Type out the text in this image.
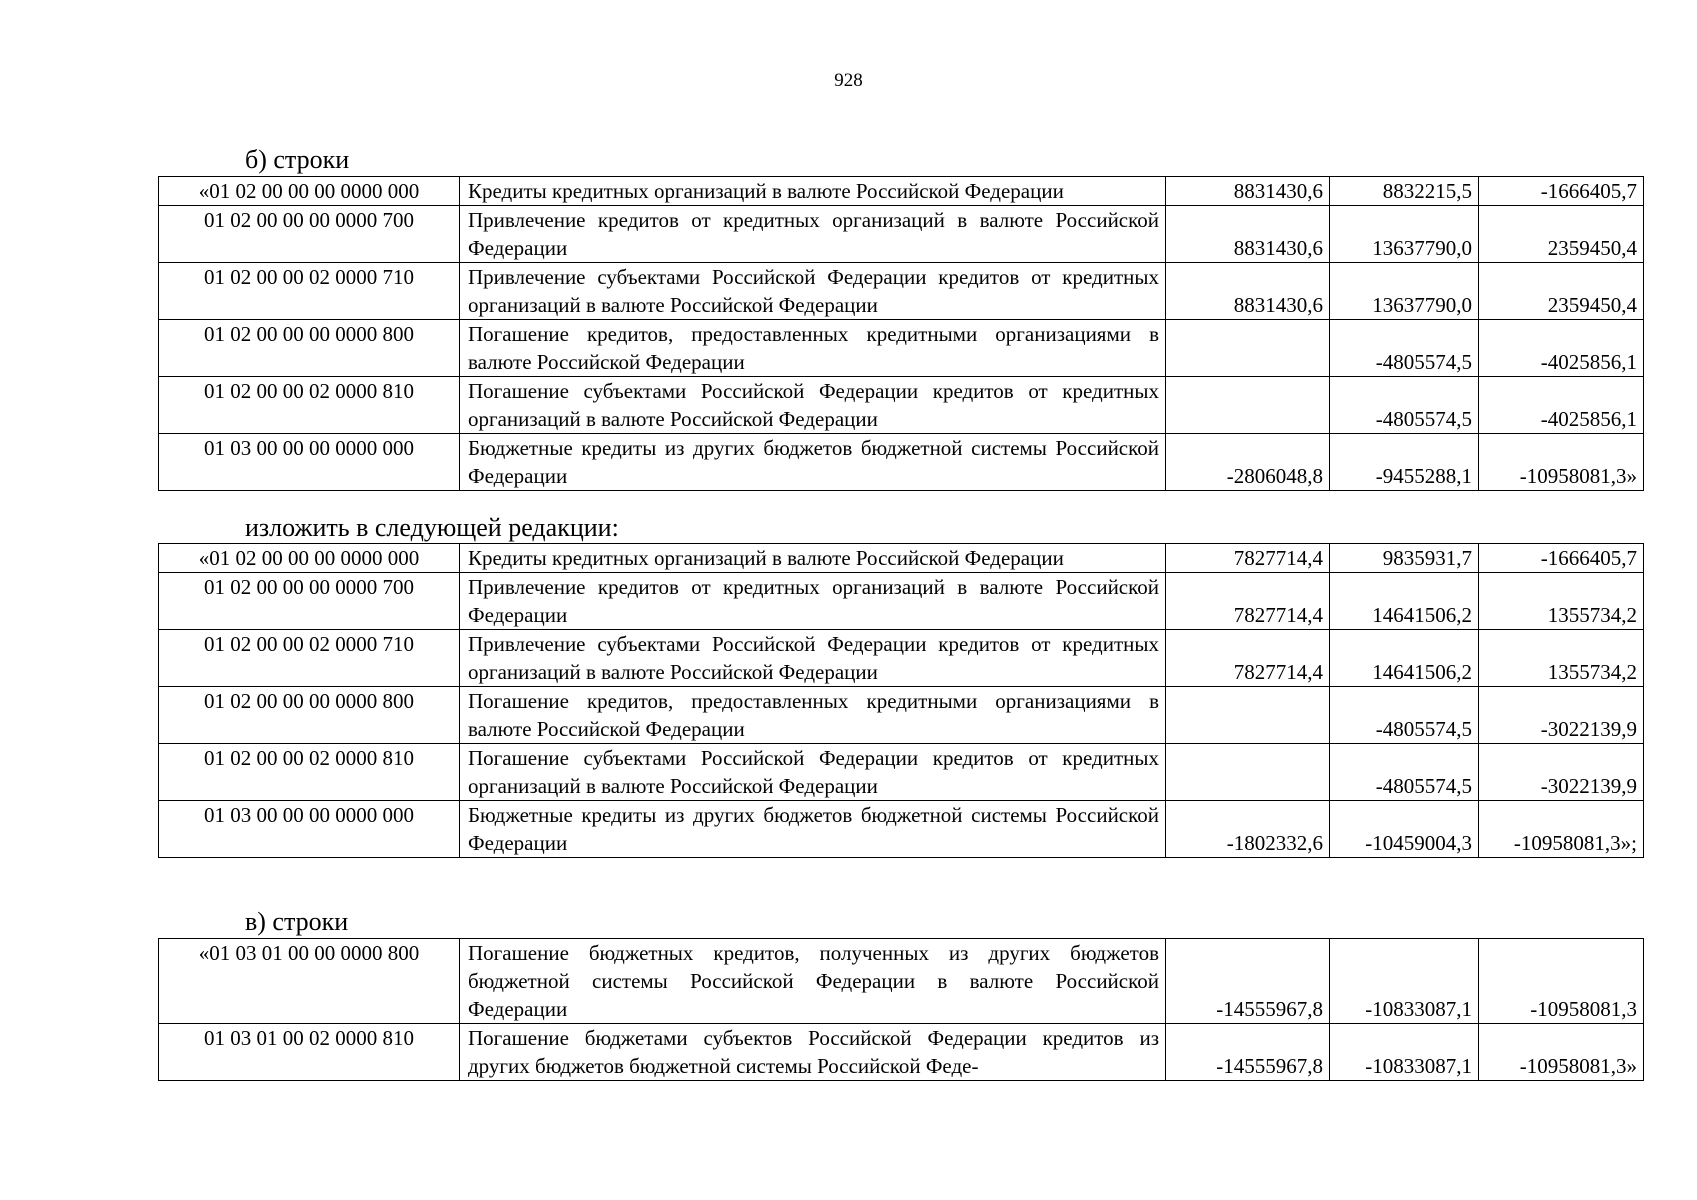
928
б) строки
«01 02 00 00 00 0000 000	Кредиты кредитных организаций в валюте Российской Федерации	8831430,6	8832215,5	-1666405,7
01 02 00 00 00 0000 700	Привлечение кредитов от кредитных организаций в валюте Российской Федерации	8831430,6	13637790,0	2359450,4
01 02 00 00 02 0000 710	Привлечение субъектами Российской Федерации кредитов от кредитных организаций в валюте Российской Федерации	8831430,6	13637790,0	2359450,4
01 02 00 00 00 0000 800	Погашение кредитов, предоставленных кредитными организациями в валюте Российской Федерации		-4805574,5	-4025856,1
01 02 00 00 02 0000 810	Погашение субъектами Российской Федерации кредитов от кредитных организаций в валюте Российской Федерации		-4805574,5	-4025856,1
01 03 00 00 00 0000 000	Бюджетные кредиты из других бюджетов бюджетной системы Российской Федерации	-2806048,8	-9455288,1	-10958081,3»
изложить в следующей редакции:
«01 02 00 00 00 0000 000	Кредиты кредитных организаций в валюте Российской Федерации	7827714,4	9835931,7	-1666405,7
01 02 00 00 00 0000 700	Привлечение кредитов от кредитных организаций в валюте Российской Федерации	7827714,4	14641506,2	1355734,2
01 02 00 00 02 0000 710	Привлечение субъектами Российской Федерации кредитов от кредитных организаций в валюте Российской Федерации	7827714,4	14641506,2	1355734,2
01 02 00 00 00 0000 800	Погашение кредитов, предоставленных кредитными организациями в валюте Российской Федерации		-4805574,5	-3022139,9
01 02 00 00 02 0000 810	Погашение субъектами Российской Федерации кредитов от кредитных организаций в валюте Российской Федерации		-4805574,5	-3022139,9
01 03 00 00 00 0000 000	Бюджетные кредиты из других бюджетов бюджетной системы Российской Федерации	-1802332,6	-10459004,3	-10958081,3»;
в) строки
«01 03 01 00 00 0000 800	Погашение бюджетных кредитов, полученных из других бюджетов бюджетной системы Российской Федерации в валюте Российской Федерации	-14555967,8	-10833087,1	-10958081,3
01 03 01 00 02 0000 810	Погашение бюджетами субъектов Российской Федерации кредитов из других бюджетов бюджетной системы Российской Феде-	-14555967,8	-10833087,1	-10958081,3»
